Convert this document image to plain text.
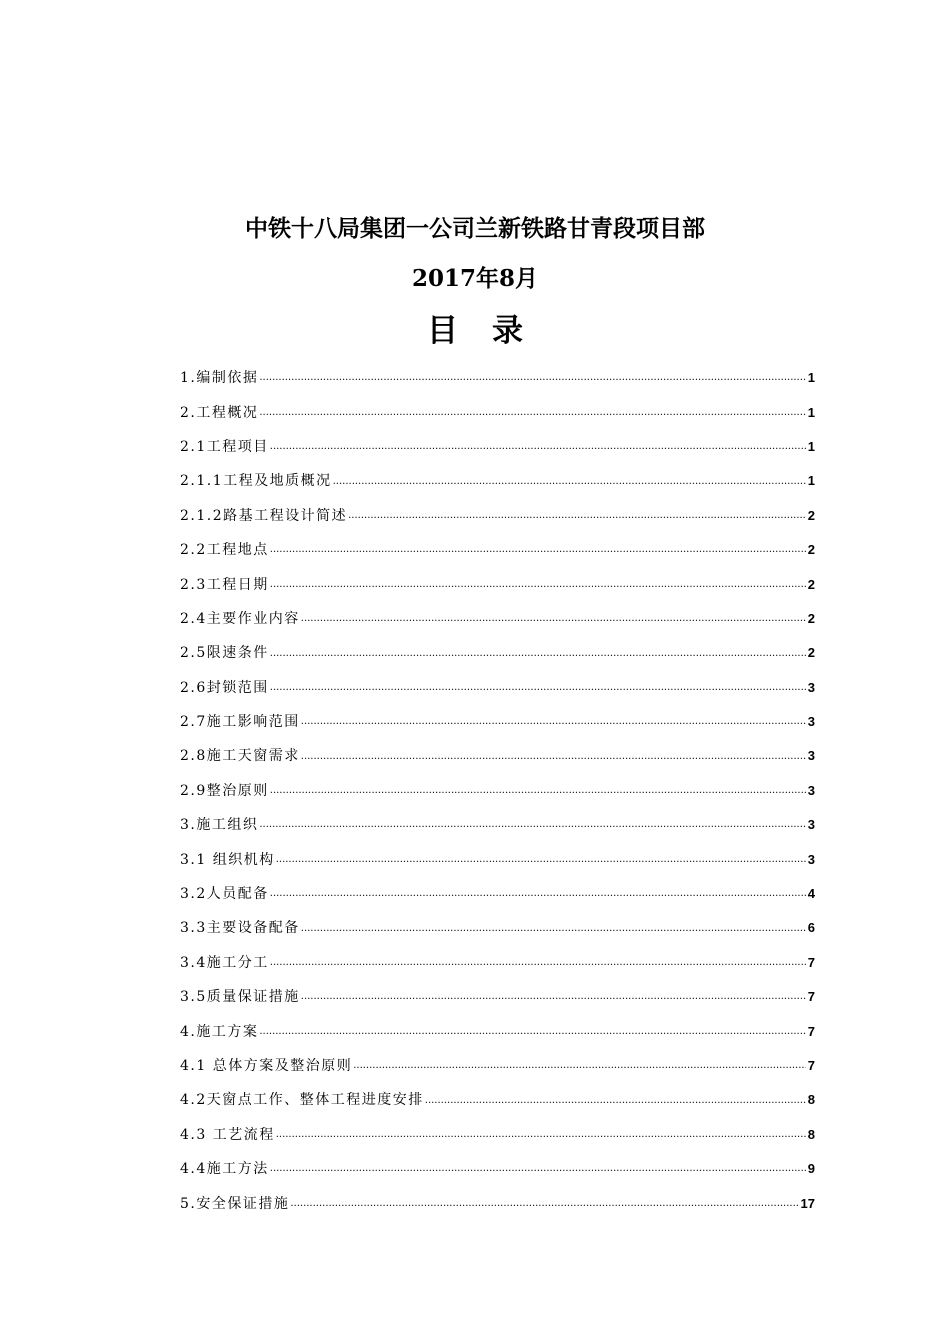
中铁十八局集团一公司兰新铁路甘青段项目部
2017年8月
目录
1.编制依据 .....	1
2.工程概况 .....	1
2.1工程项目 .....	1
2.1.1工程及地质概况 .....	1
2.1.2路基工程设计简述 .....	2
2.2工程地点 .....	2
2.3工程日期 .....	2
2.4主要作业内容 .....	2
2.5限速条件 .....	2
2.6封锁范围 .....	3
2.7施工影响范围 .....	3
2.8施工天窗需求 .....	3
2.9整治原则 .....	3
3.施工组织 .....	3
3.1 组织机构 .....	3
3.2人员配备 .....	4
3.3主要设备配备 .....	6
3.4施工分工 .....	7
3.5质量保证措施 .....	7
4.施工方案 .....	7
4.1 总体方案及整治原则 .....	7
4.2天窗点工作、整体工程进度安排 .....	8
4.3 工艺流程 .....	8
4.4施工方法 .....	9
5.安全保证措施 .....	17
